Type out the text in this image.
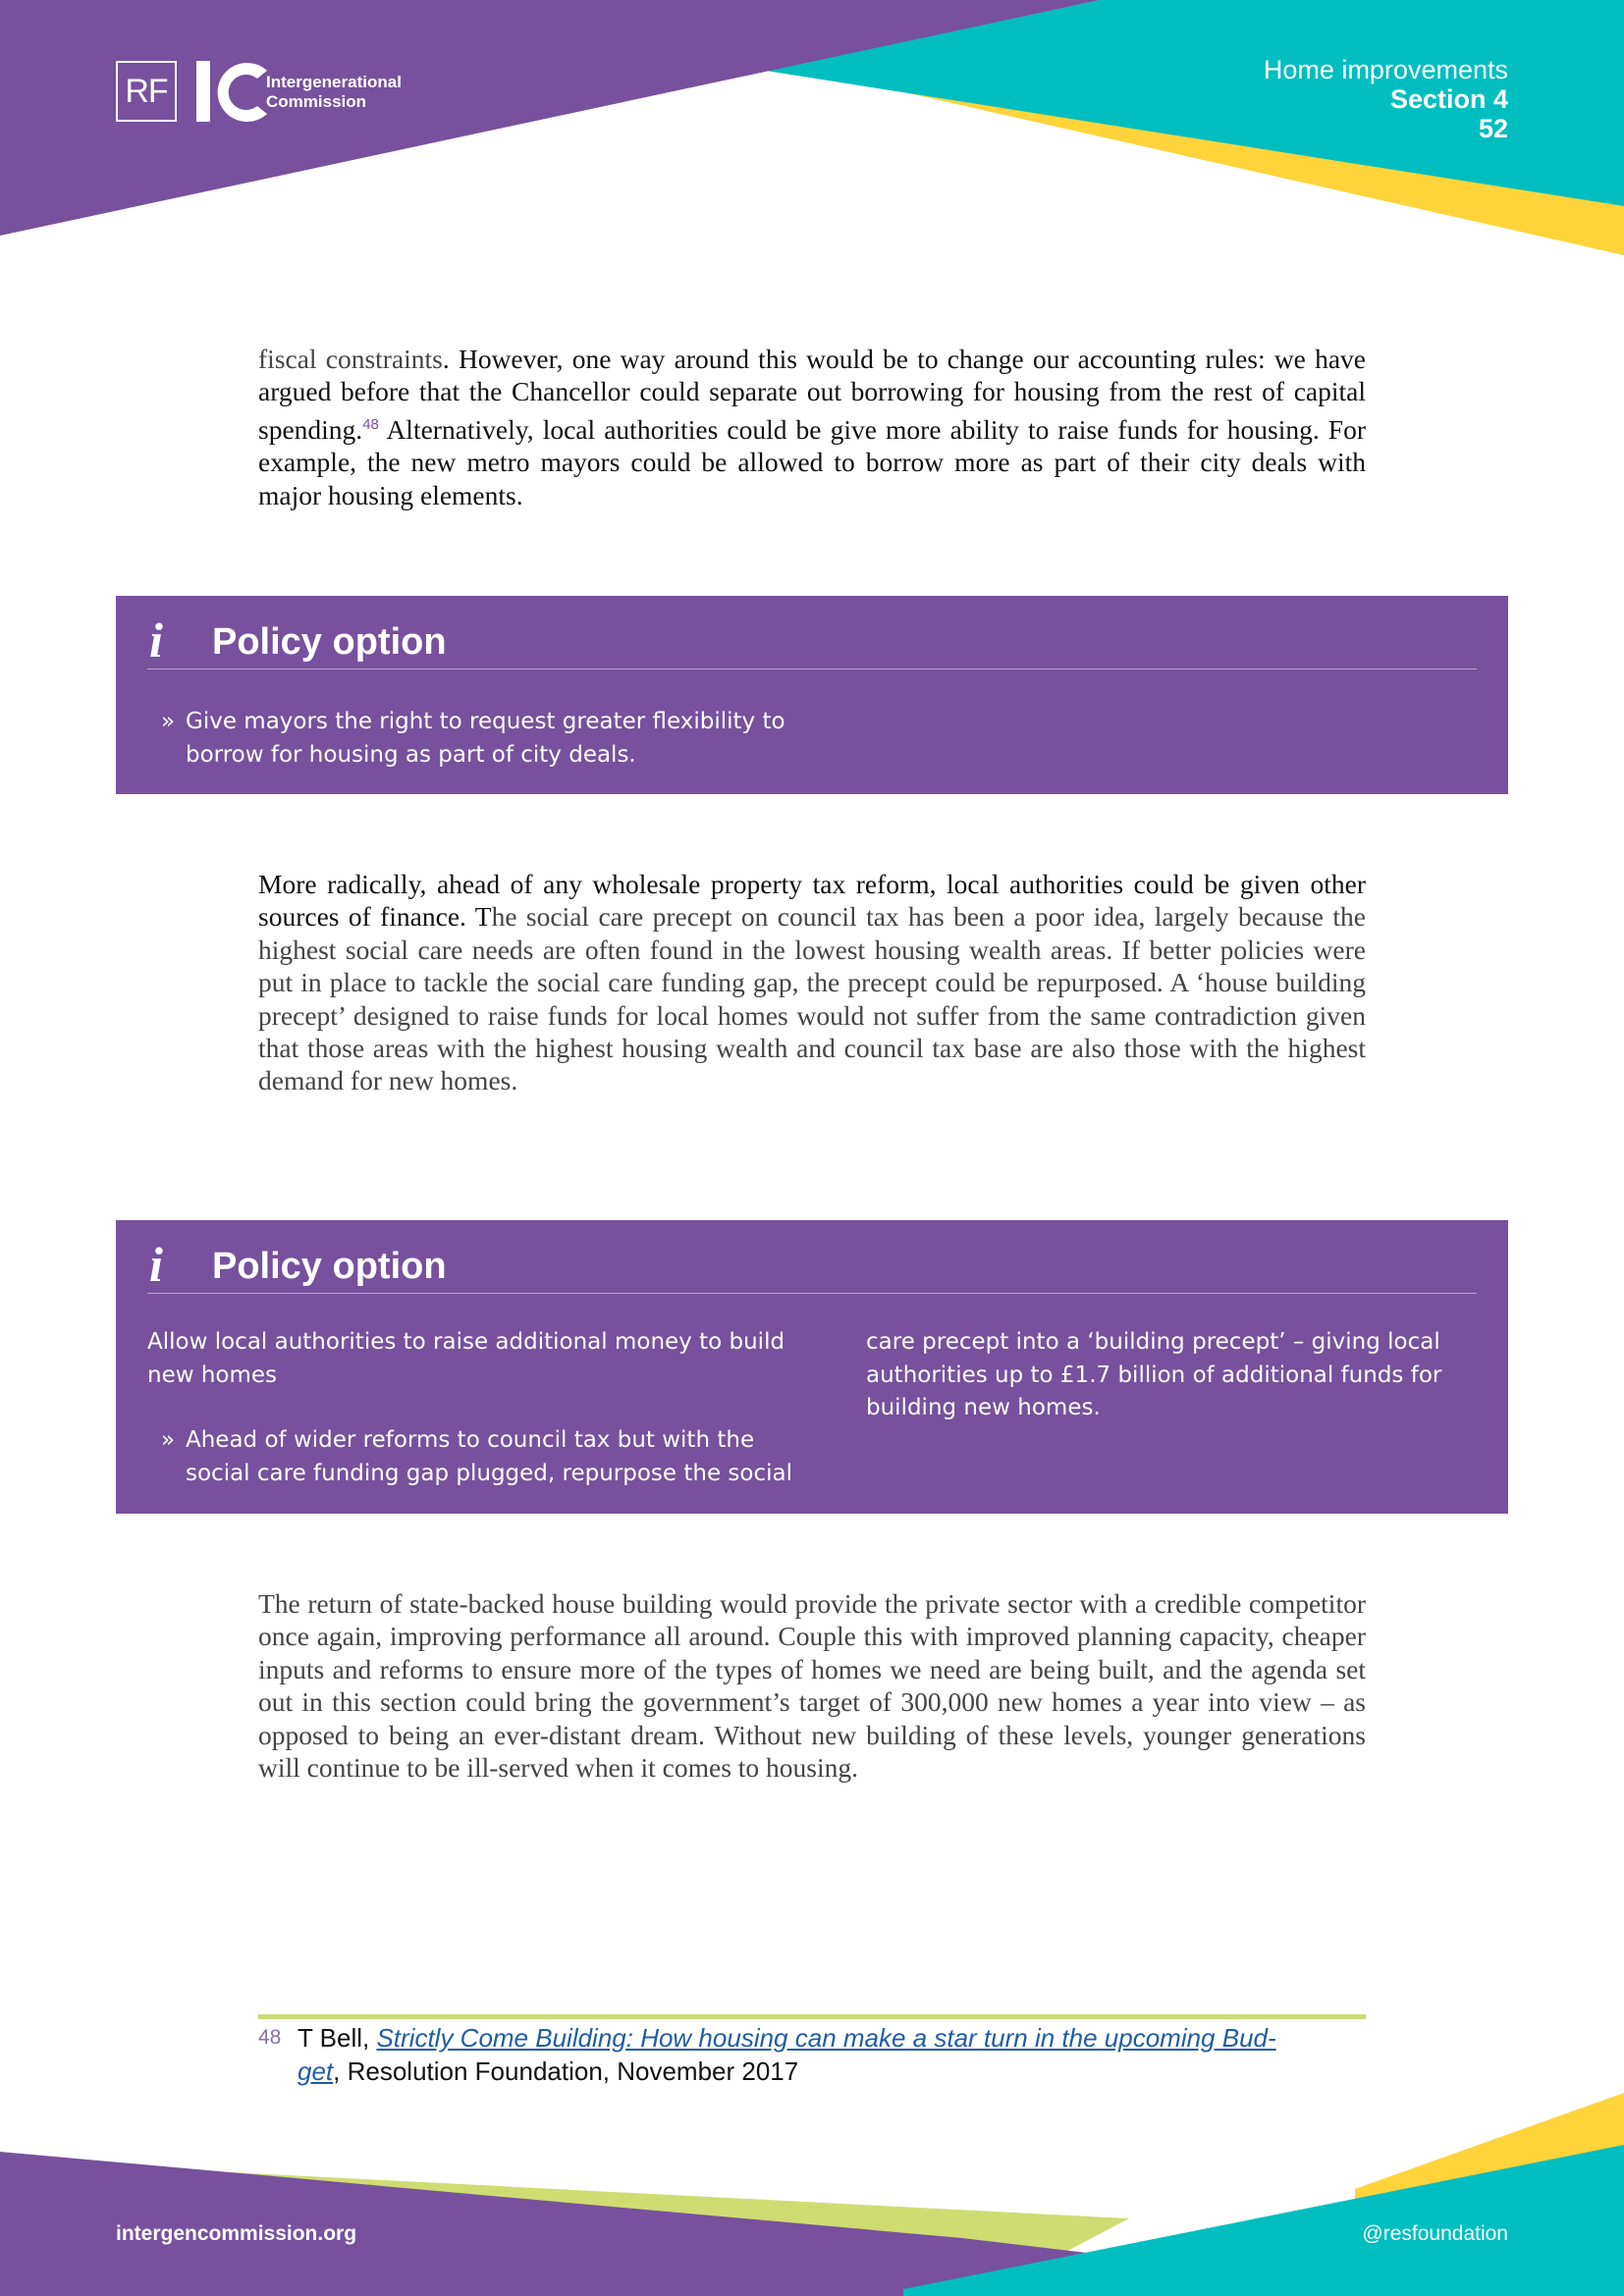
RF	Intergenerational
Commission
Home improvements
Section 4
52

fiscal constraints. However, one way around this would be to change our accounting rules: we have argued before that the Chancellor could separate out borrowing for housing from the rest of capital spending.$^{48}$ Alternatively, local authorities could be give more ability to raise funds for housing. For example, the new metro mayors could be allowed to borrow more as part of their city deals with major housing elements.

i Policy option
» Give mayors the right to request greater flexibility to
borrow for housing as part of city deals.

More radically, ahead of any wholesale property tax reform, local authorities could be given other sources of finance. The social care precept on council tax has been a poor idea, largely because the highest social care needs are often found in the lowest housing wealth areas. If better policies were put in place to tackle the social care funding gap, the precept could be repurposed. A ‘house building precept’ designed to raise funds for local homes would not suffer from the same contradiction given that those areas with the highest housing wealth and council tax base are also those with the highest demand for new homes.

i Policy option

Allow local authorities to raise additional money to build
new homes

» Ahead of wider reforms to council tax but with the
social care funding gap plugged, repurpose the social

care precept into a ‘building precept’ – giving local
authorities up to £1.7 billion of additional funds for
building new homes.

The return of state-backed house building would provide the private sector with a credible competitor once again, improving performance all around. Couple this with improved planning capacity, cheaper inputs and reforms to ensure more of the types of homes we need are being built, and the agenda set out in this section could bring the government’s target of 300,000 new homes a year into view – as opposed to being an ever-distant dream. Without new building of these levels, younger generations will continue to be ill-served when it comes to housing.

48 T Bell, Strictly Come Building: How housing can make a star turn in the upcoming Bud-
get, Resolution Foundation, November 2017

intergencommission.org	@resfoundation
